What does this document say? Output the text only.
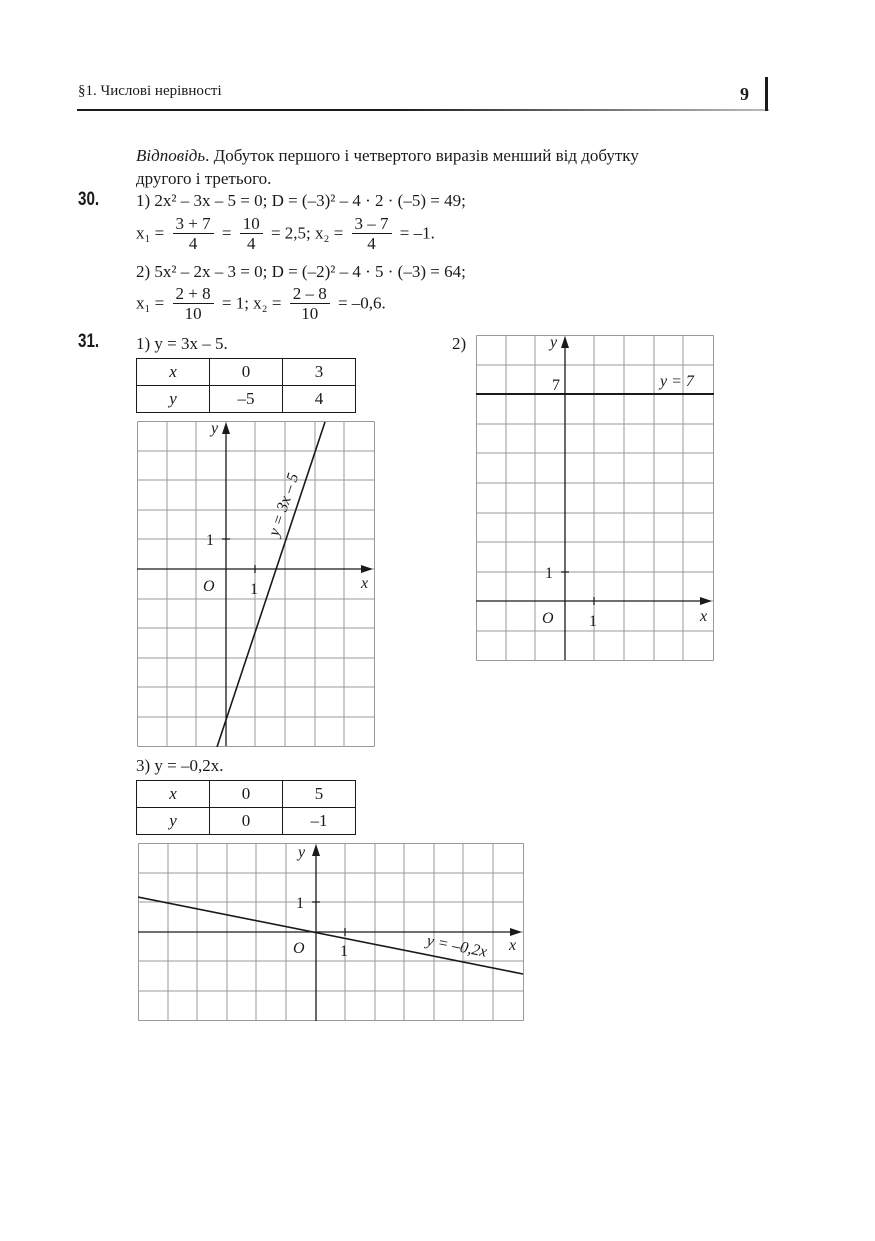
§1. Числові нерівності	9
Відповідь. Добуток першого і четвертого виразів менший від добутку
другого і третього.
30. 1) 2x² – 3x – 5 = 0; D = (–3)² – 4 · 2 · (–5) = 49;
$x_1 = \frac{3 + 7}{4} = \frac{10}{4} = 2,5$; $x_2 = \frac{3 - 7}{4} = -1$.
2) 5x² – 2x – 3 = 0; D = (–2)² – 4 · 5 · (–3) = 64;
$x_1 = \frac{2 + 8}{10} = 1$; $x_2 = \frac{2 - 8}{10} = -0,6$.
31. 1) y = 3x – 5.
x	0	3
y	–5	4
y
x
O 1
1
y = 3x – 5
2)	y
x
O 1
1
7	y = 7
3) y = –0,2x.
x	0	5
y	0	–1
y
x
O 1
1
y = –0,2x
